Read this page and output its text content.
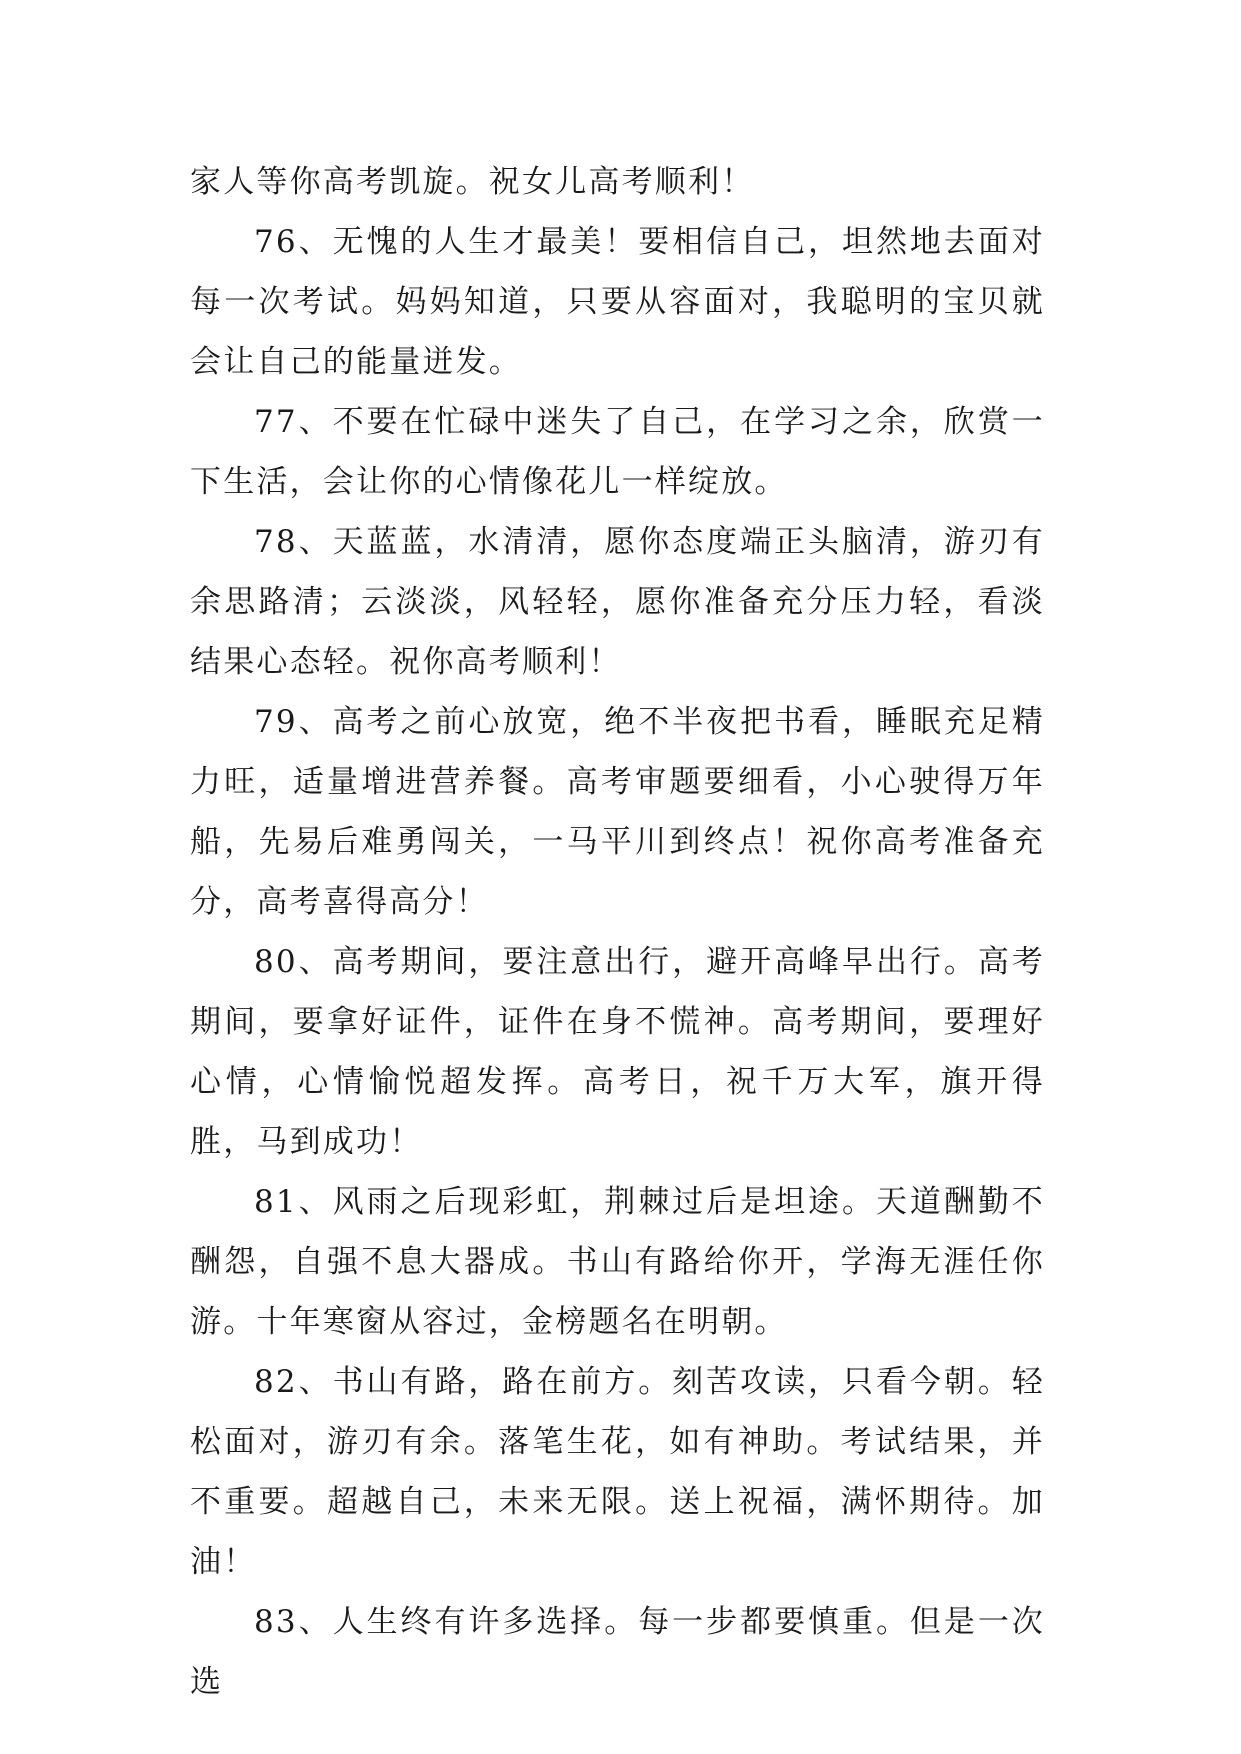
家人等你高考凯旋。祝女儿高考顺利！

76、无愧的人生才最美！要相信自己，坦然地去面对每一次考试。妈妈知道，只要从容面对，我聪明的宝贝就会让自己的能量迸发。

77、不要在忙碌中迷失了自己，在学习之余，欣赏一下生活，会让你的心情像花儿一样绽放。

78、天蓝蓝，水清清，愿你态度端正头脑清，游刃有余思路清；云淡淡，风轻轻，愿你准备充分压力轻，看淡结果心态轻。祝你高考顺利！

79、高考之前心放宽，绝不半夜把书看，睡眠充足精力旺，适量增进营养餐。高考审题要细看，小心驶得万年船，先易后难勇闯关，一马平川到终点！祝你高考准备充分，高考喜得高分！

80、高考期间，要注意出行，避开高峰早出行。高考期间，要拿好证件，证件在身不慌神。高考期间，要理好心情，心情愉悦超发挥。高考日，祝千万大军，旗开得胜，马到成功！

81、风雨之后现彩虹，荆棘过后是坦途。天道酬勤不酬怨，自强不息大器成。书山有路给你开，学海无涯任你游。十年寒窗从容过，金榜题名在明朝。

82、书山有路，路在前方。刻苦攻读，只看今朝。轻松面对，游刃有余。落笔生花，如有神助。考试结果，并不重要。超越自己，未来无限。送上祝福，满怀期待。加油！

83、人生终有许多选择。每一步都要慎重。但是一次选
